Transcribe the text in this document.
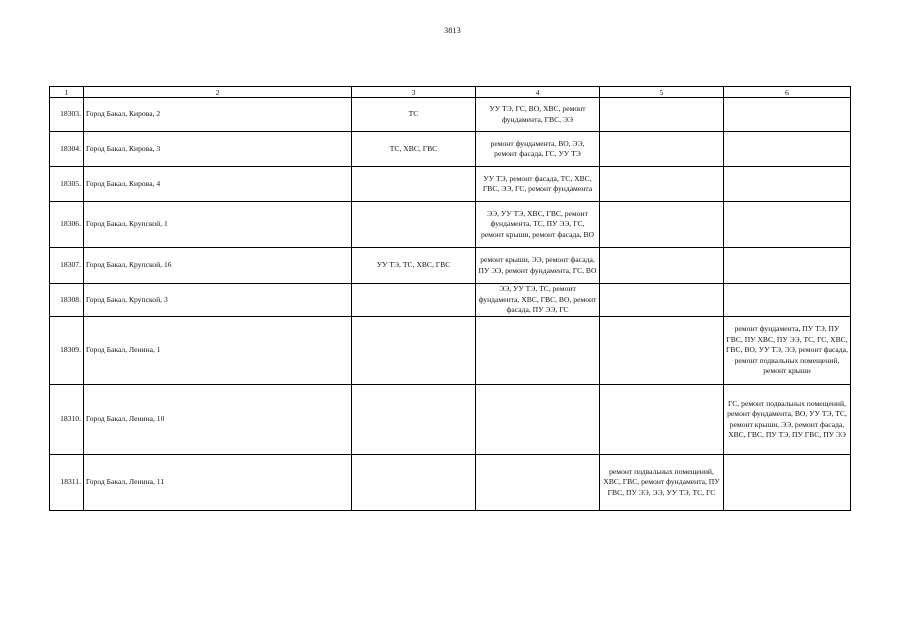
3813
1	2	3	4	5	6
18303.	Город Бакал, Кирова, 2	ТС	УУ ТЭ, ГС, ВО, ХВС, ремонт фундамента, ГВС, ЭЭ		
18304.	Город Бакал, Кирова, 3	ТС, ХВС, ГВС	ремонт фундамента, ВО, ЭЭ, ремонт фасада, ГС, УУ ТЭ		
18305.	Город Бакал, Кирова, 4		УУ ТЭ, ремонт фасада, ТС, ХВС, ГВС, ЭЭ, ГС, ремонт фундамента		
18306.	Город Бакал, Крупской, 1		ЭЭ, УУ ТЭ, ХВС, ГВС, ремонт фундамента, ТС, ПУ ЭЭ, ГС, ремонт крыши, ремонт фасада, ВО		
18307.	Город Бакал, Крупской, 16	УУ ТЭ, ТС, ХВС, ГВС	ремонт крыши, ЭЭ, ремонт фасада, ПУ ЭЭ, ремонт фундамента, ГС, ВО		
18308.	Город Бакал, Крупской, 3		ЭЭ, УУ ТЭ, ТС, ремонт фундамента, ХВС, ГВС, ВО, ремонт фасада, ПУ ЭЭ, ГС		
18309.	Город Бакал, Ленина, 1				ремонт фундамента, ПУ ТЭ, ПУ ГВС, ПУ ХВС, ПУ ЭЭ, ТС, ГС, ХВС, ГВС, ВО, УУ ТЭ, ЭЭ, ремонт фасада, ремонт подвальных помещений, ремонт крыши
18310.	Город Бакал, Ленина, 10				ГС, ремонт подвальных помещений, ремонт фундамента, ВО, УУ ТЭ, ТС, ремонт крыши, ЭЭ, ремонт фасада, ХВС, ГВС, ПУ ТЭ, ПУ ГВС, ПУ ЭЭ
18311.	Город Бакал, Ленина, 11			ремонт подвальных помещений, ХВС, ГВС, ремонт фундамента, ПУ ГВС, ПУ ЭЭ, ЭЭ, УУ ТЭ, ТС, ГС	
